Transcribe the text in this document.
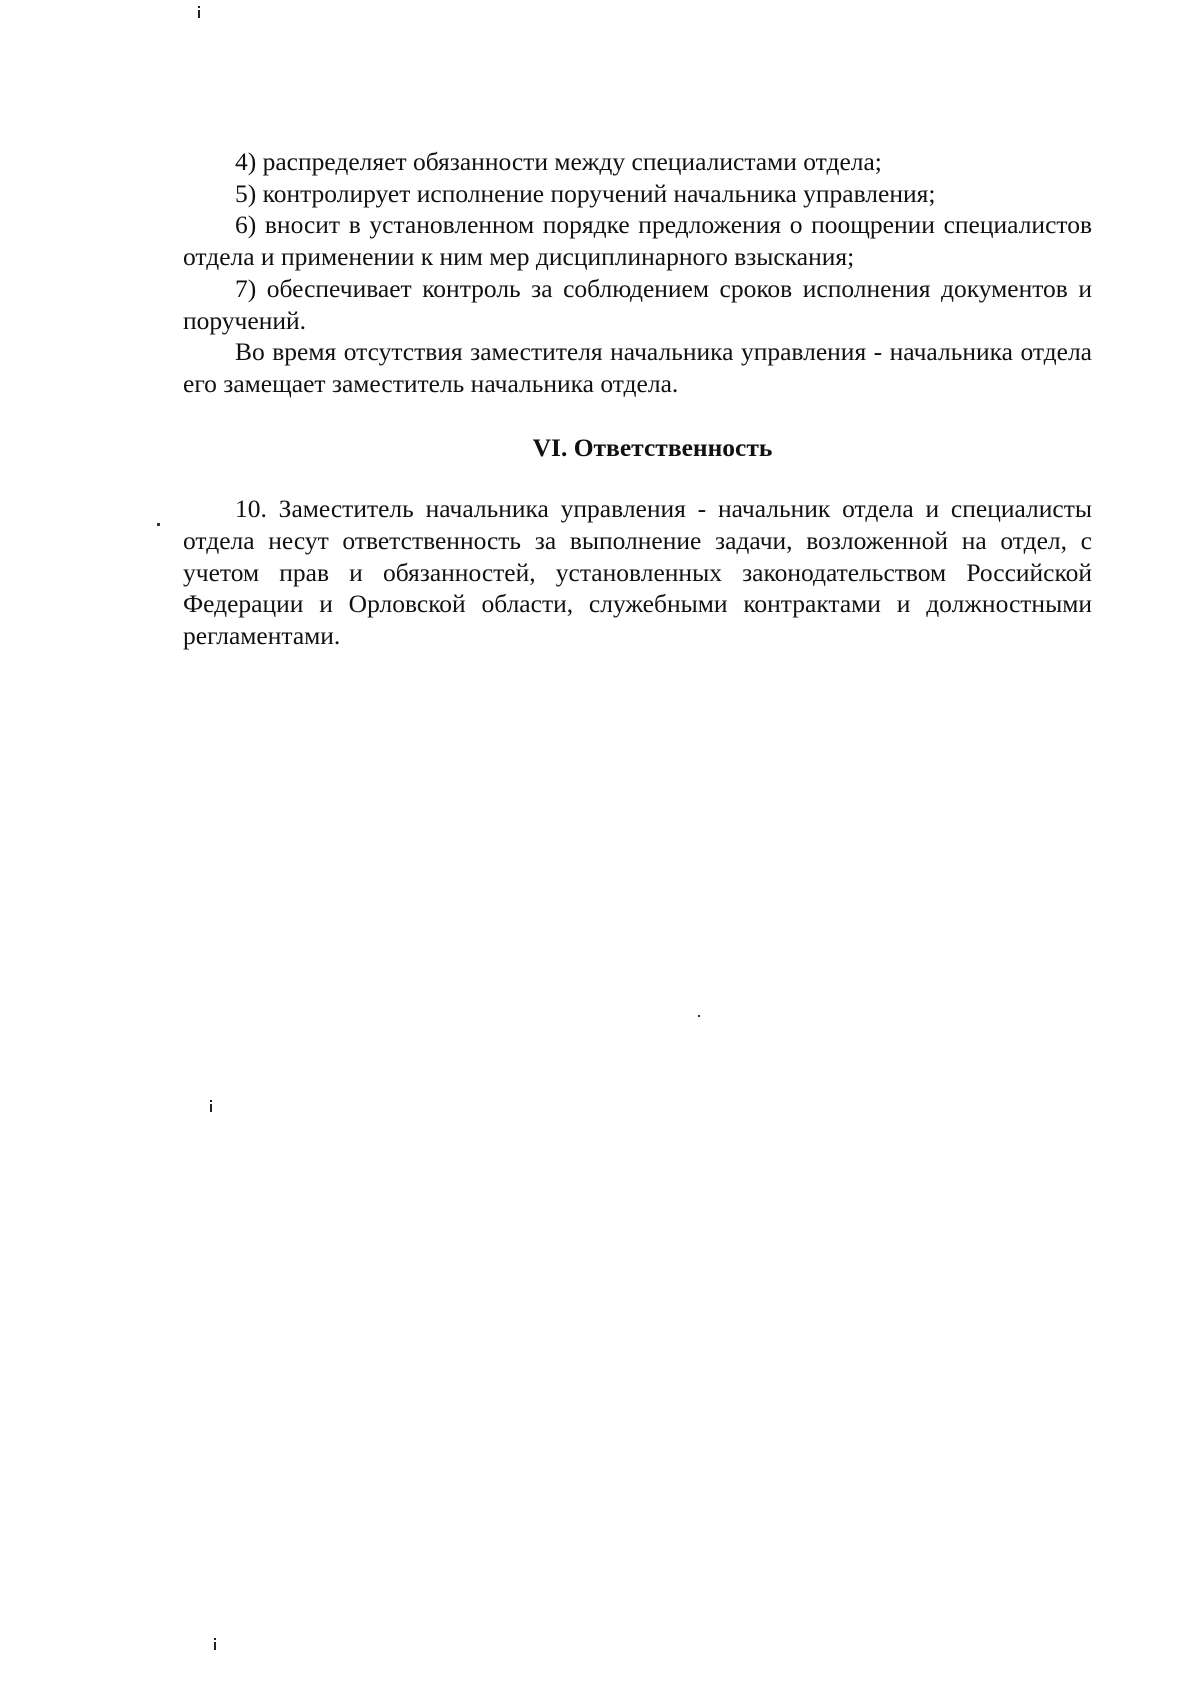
4) распределяет обязанности между специалистами отдела;

5) контролирует исполнение поручений начальника управления;

6) вносит в установленном порядке предложения о поощрении специалистов отдела и применении к ним мер дисциплинарного взыскания;

7) обеспечивает контроль за соблюдением сроков исполнения документов и поручений.

Во время отсутствия заместителя начальника управления - начальника отдела его замещает заместитель начальника отдела.

VI. Ответственность

10. Заместитель начальника управления - начальник отдела и специалисты отдела несут ответственность за выполнение задачи, возложенной на отдел, с учетом прав и обязанностей, установленных законодательством Российской Федерации и Орловской области, служебными контрактами и должностными регламентами.
